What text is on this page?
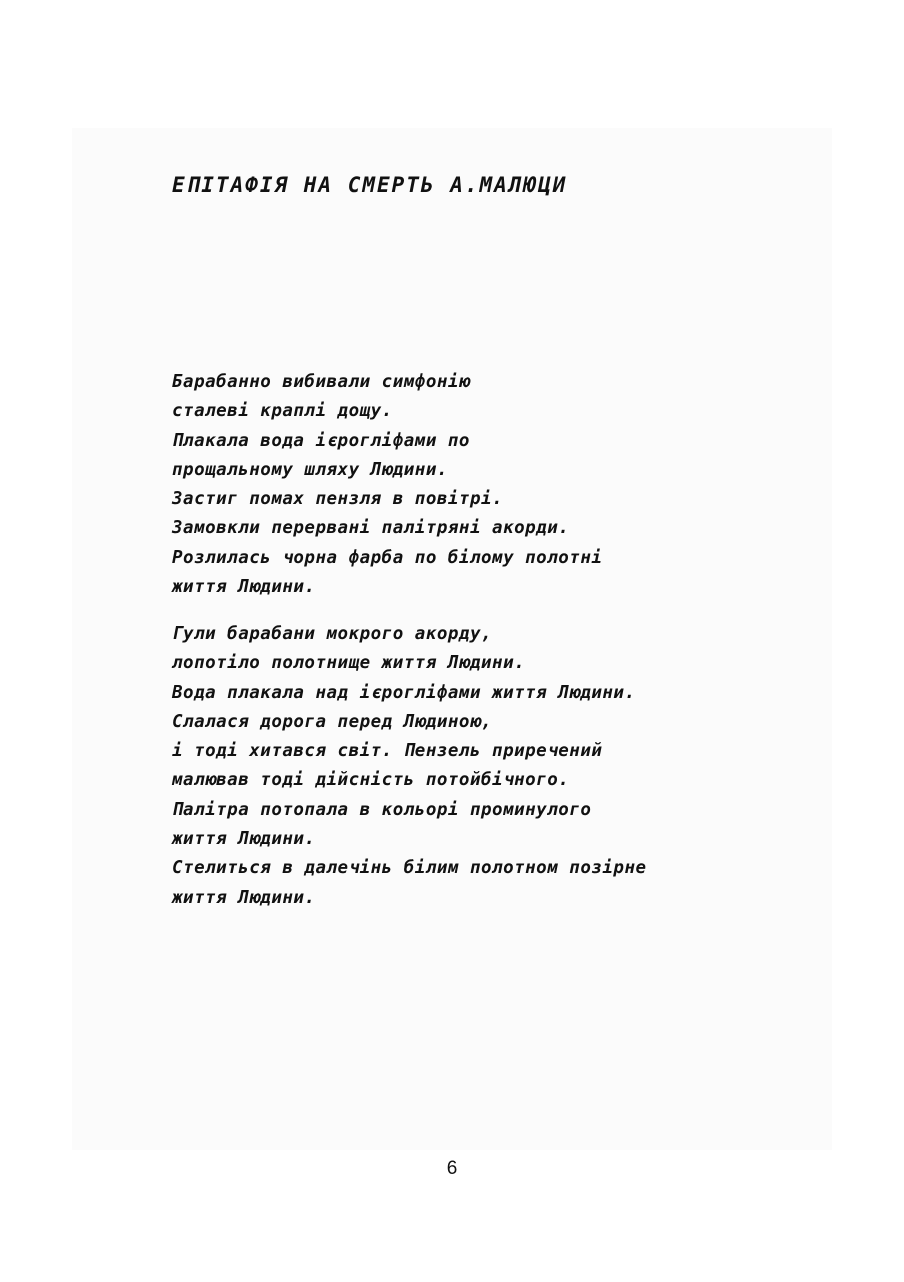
ЕПІТАФІЯ НА СМЕРТЬ А.МАЛЮЦИ
Барабанно вибивали симфонію
сталеві краплі дощу.
Плакала вода ієрогліфами по
прощальному шляху Людини.
Застиг помах пензля в повітрі.
Замовкли перервані палітряні акорди.
Розлилась чорна фарба по білому полотні
життя Людини.
Гули барабани мокрого акорду,
лопотіло полотнище життя Людини.
Вода плакала над ієрогліфами життя Людини.
Слалася дорога перед Людиною,
і тоді хитався світ. Пензель приречений
малював тоді дійсність потойбічного.
Палітра потопала в кольорі проминулого
життя Людини.
Стелиться в далечінь білим полотном позірне
життя Людини.
6
